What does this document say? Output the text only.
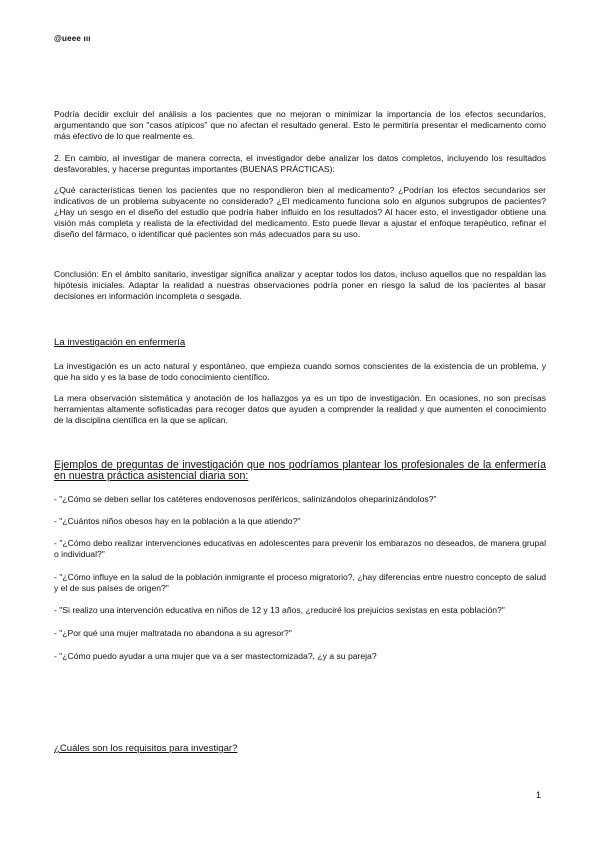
@ueee ııı
Podría decidir excluir del análisis a los pacientes que no mejoran o minimizar la importancia de los efectos secundarios, argumentando que son "casos atípicos" que no afectan el resultado general. Esto le permitiría presentar el medicamento como más efectivo de lo que realmente es.
2. En cambio, al investigar de manera correcta, el investigador debe analizar los datos completos, incluyendo los resultados desfavorables, y hacerse preguntas importantes (BUENAS PRÁCTICAS):
¿Qué características tienen los pacientes que no respondieron bien al medicamento? ¿Podrían los efectos secundarios ser indicativos de un problema subyacente no considerado? ¿El medicamento funciona solo en algunos subgrupos de pacientes? ¿Hay un sesgo en el diseño del estudio que podría haber influido en los resultados? Al hacer esto, el investigador obtiene una visión más completa y realista de la efectividad del medicamento. Esto puede llevar a ajustar el enfoque terapéutico, refinar el diseño del fármaco, o identificar qué pacientes son más adecuados para su uso.
Conclusión: En el ámbito sanitario, investigar significa analizar y aceptar todos los datos, incluso aquellos que no respaldan las hipótesis iniciales. Adaptar la realidad a nuestras observaciones podría poner en riesgo la salud de los pacientes al basar decisiones en información incompleta o sesgada.
La investigación en enfermería
La investigación es un acto natural y espontáneo, que empieza cuando somos conscientes de la existencia de un problema, y que ha sido y es la base de todo conocimiento científico.
La mera observación sistemática y anotación de los hallazgos ya es un tipo de investigación. En ocasiones, no son precisas herramientas altamente sofisticadas para recoger datos que ayuden a comprender la realidad y que aumenten el conocimiento de la disciplina científica en la que se aplican.
Ejemplos de preguntas de investigación que nos podríamos plantear los profesionales de la enfermería en nuestra práctica asistencial diaria son:
- "¿Cómo se deben sellar los catéteres endovenosos periféricos, salinizándolos oheparinizándolos?"
- "¿Cuántos niños obesos hay en la población a la que atiendo?"
- "¿Cómo debo realizar intervenciones educativas en adolescentes para prevenir los embarazos no deseados, de manera grupal o individual?"
- "¿Cómo influye en la salud de la población inmigrante el proceso migratorio?, ¿hay diferencias entre nuestro concepto de salud y el de sus países de origen?"
- "Si realizo una intervención educativa en niños de 12 y 13 años, ¿reduciré los prejuicios sexistas en esta población?"
- "¿Por qué una mujer maltratada no abandona a su agresor?"
- "¿Cómo puedo ayudar a una mujer que va a ser mastectomizada?, ¿y a su pareja?
¿Cuáles son los requisitos para investigar?
1
